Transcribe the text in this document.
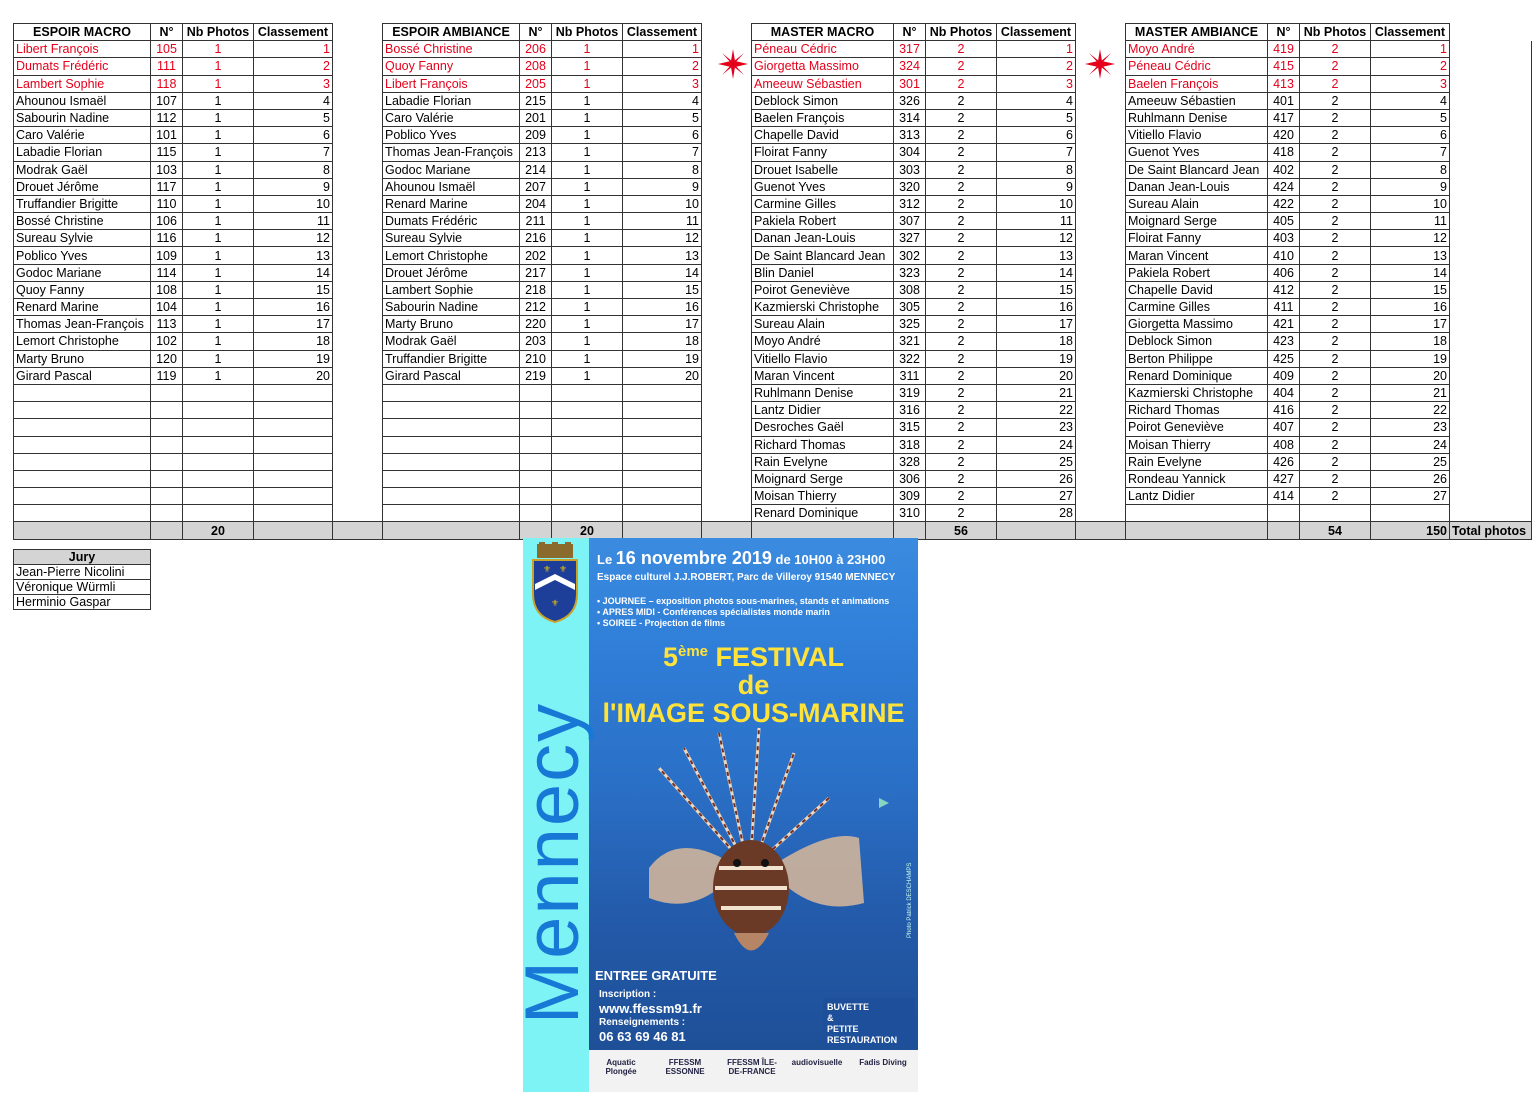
ESPOIR MACRO	N°	Nb Photos	Classement		ESPOIR AMBIANCE	N°	Nb Photos	Classement		MASTER MACRO	N°	Nb Photos	Classement		MASTER AMBIANCE	N°	Nb Photos	Classement	
Libert François	105	1	1		Bossé Christine	206	1	1		Péneau Cédric	317	2	1		Moyo André	419	2	1	
Dumats Frédéric	111	1	2		Quoy Fanny	208	1	2		Giorgetta Massimo	324	2	2		Péneau Cédric	415	2	2	
Lambert Sophie	118	1	3		Libert François	205	1	3		Ameeuw Sébastien	301	2	3		Baelen François	413	2	3	
Ahounou Ismaël	107	1	4		Labadie Florian	215	1	4		Deblock Simon	326	2	4		Ameeuw Sébastien	401	2	4	
Sabourin Nadine	112	1	5		Caro Valérie	201	1	5		Baelen François	314	2	5		Ruhlmann Denise	417	2	5	
Caro Valérie	101	1	6		Poblico Yves	209	1	6		Chapelle David	313	2	6		Vitiello Flavio	420	2	6	
Labadie Florian	115	1	7		Thomas Jean-François	213	1	7		Floirat Fanny	304	2	7		Guenot Yves	418	2	7	
Modrak Gaël	103	1	8		Godoc Mariane	214	1	8		Drouet Isabelle	303	2	8		De Saint Blancard Jean	402	2	8	
Drouet Jérôme	117	1	9		Ahounou Ismaël	207	1	9		Guenot Yves	320	2	9		Danan Jean-Louis	424	2	9	
Truffandier Brigitte	110	1	10		Renard Marine	204	1	10		Carmine Gilles	312	2	10		Sureau Alain	422	2	10	
Bossé Christine	106	1	11		Dumats Frédéric	211	1	11		Pakiela Robert	307	2	11		Moignard Serge	405	2	11	
Sureau Sylvie	116	1	12		Sureau Sylvie	216	1	12		Danan Jean-Louis	327	2	12		Floirat Fanny	403	2	12	
Poblico Yves	109	1	13		Lemort Christophe	202	1	13		De Saint Blancard Jean	302	2	13		Maran Vincent	410	2	13	
Godoc Mariane	114	1	14		Drouet Jérôme	217	1	14		Blin Daniel	323	2	14		Pakiela Robert	406	2	14	
Quoy Fanny	108	1	15		Lambert Sophie	218	1	15		Poirot Geneviève	308	2	15		Chapelle David	412	2	15	
Renard Marine	104	1	16		Sabourin Nadine	212	1	16		Kazmierski Christophe	305	2	16		Carmine Gilles	411	2	16	
Thomas Jean-François	113	1	17		Marty Bruno	220	1	17		Sureau Alain	325	2	17		Giorgetta Massimo	421	2	17	
Lemort Christophe	102	1	18		Modrak Gaël	203	1	18		Moyo André	321	2	18		Deblock Simon	423	2	18	
Marty Bruno	120	1	19		Truffandier Brigitte	210	1	19		Vitiello Flavio	322	2	19		Berton Philippe	425	2	19	
Girard Pascal	119	1	20		Girard Pascal	219	1	20		Maran Vincent	311	2	20		Renard Dominique	409	2	20	
										Ruhlmann Denise	319	2	21		Kazmierski Christophe	404	2	21	
										Lantz Didier	316	2	22		Richard Thomas	416	2	22	
										Desroches Gaël	315	2	23		Poirot Geneviève	407	2	23	
										Richard Thomas	318	2	24		Moisan Thierry	408	2	24	
										Rain Evelyne	328	2	25		Rain Evelyne	426	2	25	
										Moignard Serge	306	2	26		Rondeau Yannick	427	2	26	
										Moisan Thierry	309	2	27		Lantz Didier	414	2	27	
										Renard Dominique	310	2	28						
		20					20					56					54	150	Total photos
Jury
Jean-Pierre Nicolini
Véronique Würmli
Herminio Gaspar
Mennecy
⚜ ⚜
⚜
Le 16 novembre 2019 de 10H00 à 23H00
Espace culturel J.J.ROBERT, Parc de Villeroy 91540 MENNECY
• JOURNEE – exposition photos sous-marines, stands et animations
• APRES MIDI - Conférences spécialistes monde marin
• SOIREE - Projection de films
5ème FESTIVAL
de
l'IMAGE SOUS-MARINE
Photo Patrick DESCHAMPS
ENTREE GRATUITE
Inscription :
www.ffessm91.fr
Renseignements :
06 63 69 46 81
BUVETTE
&
PETITE
RESTAURATION
Aquatic Plongée
FFESSM ESSONNE
FFESSM ÎLE-DE-FRANCE
audiovisuelle	Fadis Diving
